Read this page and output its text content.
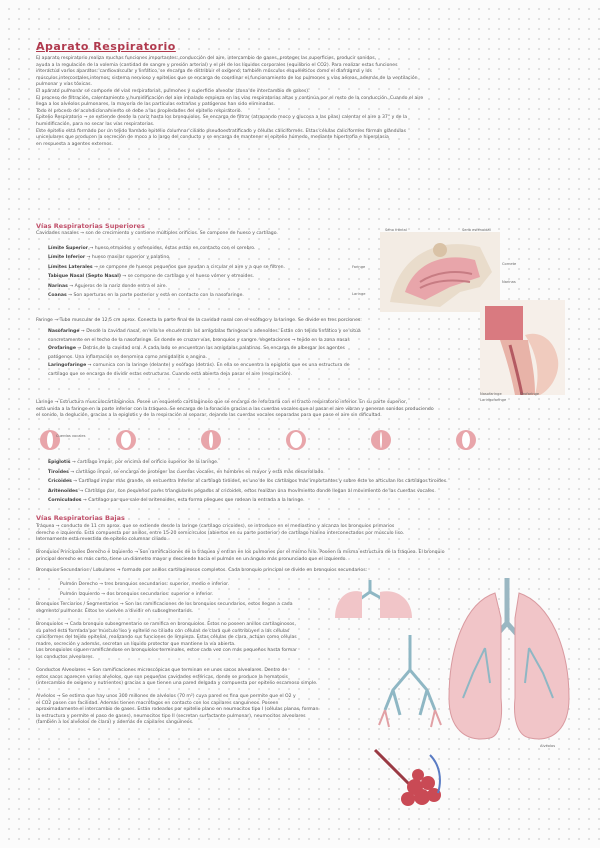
Aparato Respiratorio
El aparato respiratorio realiza muchas funciones importantes: conducción del aire, intercambio de gases, proteger las superficies, producir sonidos,
ayuda a la regulación de la volemia (cantidad de sangre y presión arterial) y el pH de los líquidos corporales (equilibrio el CO2). Para realizar estas funciones
interactúa varios aparatos: cardiovascular y linfático, se encarga de distribuir el oxígeno; también músculos esqueléticos como el diafragma y los
músculos intercostales internos; sistema nervioso y epitelios que se encarga de coordinar el funcionamiento de los pulmones y vías aéreas, además de la ventilación
pulmonar y vías tóxicas.
El aparato pulmonar se compone de vías respiratorias, pulmones y superficie alveolar (zona de intercambio de gases).
El proceso de filtración, calentamiento y humidificación del aire inhalado empieza en las vías respiratorias altas y continúa por el resto de la conducción. Cuando el aire
llega a los alvéolos pulmonares, la mayoría de las partículas extrañas y patógenas han sido eliminadas.
Todo el proceso de acondicionamiento se debe a las propiedades del epitelio respiratorio.
Epitelio Respiratorio → se extiende desde la nariz hasta los bronquiolos. Se encarga de filtrar (atrapando moco y glucosa a las pilas) calentar el aire a 37° y de la
humidificación, para no secar las vías respiratorias.
Este epitelio está formado por un tejido llamado epitelio columnar ciliado pseudoestratificado y células caliciformes. Estas células caliciformes forman glándulas
unicelulares que producen la secreción de moco a lo largo del conducto y se encarga de mantener el epitelio húmedo, mediante hipertrofia e hiperplasia
en respuesta a agentes externos.
Vías Respiratorias Superiores
Cavidades nasales → son de crecimiento y contiene múltiples orificios. Se compone de hueso y cartílago.
Límite Superior → hueso etmoides y esfenoides, éstas están en contacto con el cerebro.
Límite Inferior → hueso maxilar superior y palatino.
Límites Laterales → se compone de huesos pequeños que ayudan a circular el aire y a que se filtren.
Tabique Nasal (Septo Nasal) → se compone de cartílago y el hueso vómer y etmoides.
Narinas → Agujeros de la nariz donde entra el aire.
Coanas → Son aperturas en la parte posterior y está en contacto con la nasofaringe.
Seno frontal	Seno esfenoidal
Cornete
Narinas
Faringe
Laringe
Faringe → Tubo muscular de 12,5 cm aprox. Conecta la parte final de la cavidad nasal con el esófago y la laringe. Se divide en tres porciones:
Nasofaringe → Desde la cavidad nasal, en ella se encuentran las amígdalas faríngeas o adenoides. Están con tejido linfático y se sitúa
concretamente en el techo de la nasofaringe. Es donde se cruzan vías, bronquios y sangre. Vegetaciones → tejido en la zona nasal.
Orofaringe → Detrás de la cavidad oral. A cada lado se encuentran las amígdalas palatinas. Se encarga de albergar los agentes
patógenos. Una inflamación se denomina como amigdalitis o angina.
Laringofaringe → comunica con la laringe (delante) y esófago (detrás). En ella se encuentra la epiglotis que es una estructura de
cartílago que se encarga de dividir estas estructuras. Cuando está abierta deja pasar el aire (respiración).
Nasofaringe	Orofaringe
Laringofaringe
Laringe → Estructura musculocartilaginosa. Posee un esqueleto cartilaginoso que se encarga de reforzarla con el tracto respiratorio inferior. En su parte superior,
está unida a la faringe en la parte inferior con la tráquea. Se encarga de la fonación gracias a las cuerdas vocales que al pasar el aire vibran y generan sonidos produciendo
el sonido, la deglución, gracias a la epiglotis y de la respiración al separar, dejando las cuerdas vocales separadas para que pase el aire sin dificultad.
Cuerdas vocales
Epiglotis → cartílago impar, por encima del orificio superior de la laringe.
Tiroides → cartílago impar, se encarga de proteger las cuerdas vocales, en hombres es mayor y está más desarrollado.
Cricoides → Cartílago impar más grande, se encuentra inferior al cartílago tiroides, es uno de los cartílagos más importantes y sobre éste se articulan los cartílagos tiroides.
Aritenoides → Cartílago par, son pequeños pares triangulares pegados al cricoides, estos realizan una movimiento donde llegan al movimiento de las cuerdas vocales.
Corniculados → Cartílago par que sale del aritenoides, esta forma pliegues que rodean la entrada a la laringe.
Vías Respiratorias Bajas
Tráquea → conducto de 11 cm aprox. que se extiende desde la laringe (cartílago cricoides), se introduce en el mediastino y alcanza los bronquios primarios
derecho e izquierdo. Está compuesta por anillos, entre 15-20 semicírculos (abiertos en su parte posterior) de cartílago hialino interconectados por músculo liso.
Internamente está revestida de epitelio columnar ciliado.
Bronquios Principales Derecho e Izquierdo → Son ramificaciones de la tráquea y entran en los pulmones por el mismo hilo. Poseen la misma estructura de la tráquea. El bronquio
principal derecho es más corto, tiene un diámetro mayor y desciende hacia el pulmón en un ángulo más pronunciado que el izquierdo.
Bronquios Secundarios / Lobulares → formado por anillos cartilaginosos completos. Cada bronquio principal se divide en bronquios secundarios:
Pulmón Derecho → tres bronquios secundarios: superior, medio e inferior.
Pulmón Izquierdo → dos bronquios secundarios: superior e inferior.
Bronquios Terciarios / Segmentarios → Son las ramificaciones de los bronquios secundarios, estos llegan a cada
segmento pulmonar. Éstos se vuelven a dividir en subsegmentarios.
Bronquiolos → Cada bronquio subsegmentario se ramifica en bronquiolos. Éstos no poseen anillos cartilaginosos,
su pared está formada por músculo liso y epitelio no ciliado con células de clara que contribuyen a las células
caliciformes del tejido epitelial, realizando sus funciones de limpieza. Estas células de clara, actúan como células
madre, secreción y además, secretan un líquido protector que mantiene la vía abierta.
Los bronquiolos siguen ramificándose en bronquiolos terminales, estos cada vez con más pequeños hasta formar
los conductos alveolares.
Conductos Alveolares → Son ramificaciones microscópicas que terminan en unos sacos alveolares. Dentro de
estos sacos aparecen varios alvéolos, que son pequeñas cavidades esféricas, donde se produce la hematosis
(intercambio de oxígeno y nutrientes) gracias a que tienen una pared delgada y compuesta por epitelio escamoso simple.
Alvéolos → Se estima que hay unos 300 millones de alvéolos (70 m²) cuya pared es fina que permite que el O2 y
el CO2 pasen con facilidad. Además tienen macrófagos en contacto con los capilares sanguíneos. Poseen
aproximadamente el intercambio de gases. Están rodeados por epitelio plano en neumocitos tipo I (células planas, forman
la estructura y permite el paso de gases), neumocitos tipo II (secretan surfactante pulmonar), neumocitos alveolares
(también a los alvéolos de clara) y además de capilares sanguíneos.
Alvéolos
